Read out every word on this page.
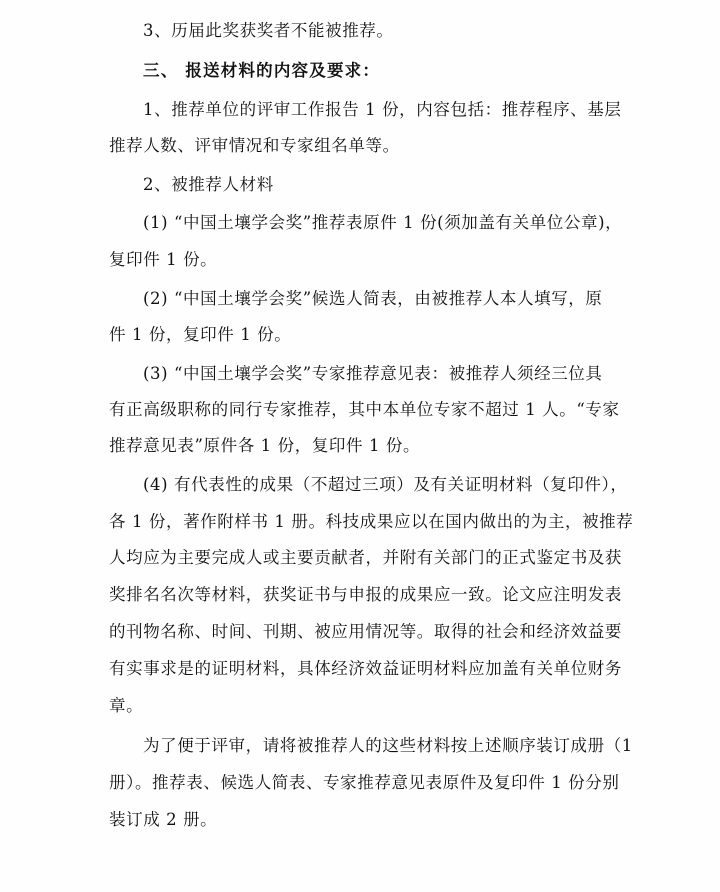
3、历届此奖获奖者不能被推荐。
三、 报送材料的内容及要求：
1、推荐单位的评审工作报告 1 份，内容包括：推荐程序、基层
推荐人数、评审情况和专家组名单等。
2、被推荐人材料
(1) “中国土壤学会奖”推荐表原件 1 份(须加盖有关单位公章)，
复印件 1 份。
(2) “中国土壤学会奖”候选人简表，由被推荐人本人填写，原
件 1 份，复印件 1 份。
(3) “中国土壤学会奖”专家推荐意见表：被推荐人须经三位具
有正高级职称的同行专家推荐，其中本单位专家不超过 1 人。“专家
推荐意见表”原件各 1 份，复印件 1 份。
(4) 有代表性的成果（不超过三项）及有关证明材料（复印件），
各 1 份，著作附样书 1 册。科技成果应以在国内做出的为主，被推荐
人均应为主要完成人或主要贡献者，并附有关部门的正式鉴定书及获
奖排名名次等材料，获奖证书与申报的成果应一致。论文应注明发表
的刊物名称、时间、刊期、被应用情况等。取得的社会和经济效益要
有实事求是的证明材料，具体经济效益证明材料应加盖有关单位财务
章。
为了便于评审，请将被推荐人的这些材料按上述顺序装订成册（1
册）。推荐表、候选人简表、专家推荐意见表原件及复印件 1 份分别
装订成 2 册。
